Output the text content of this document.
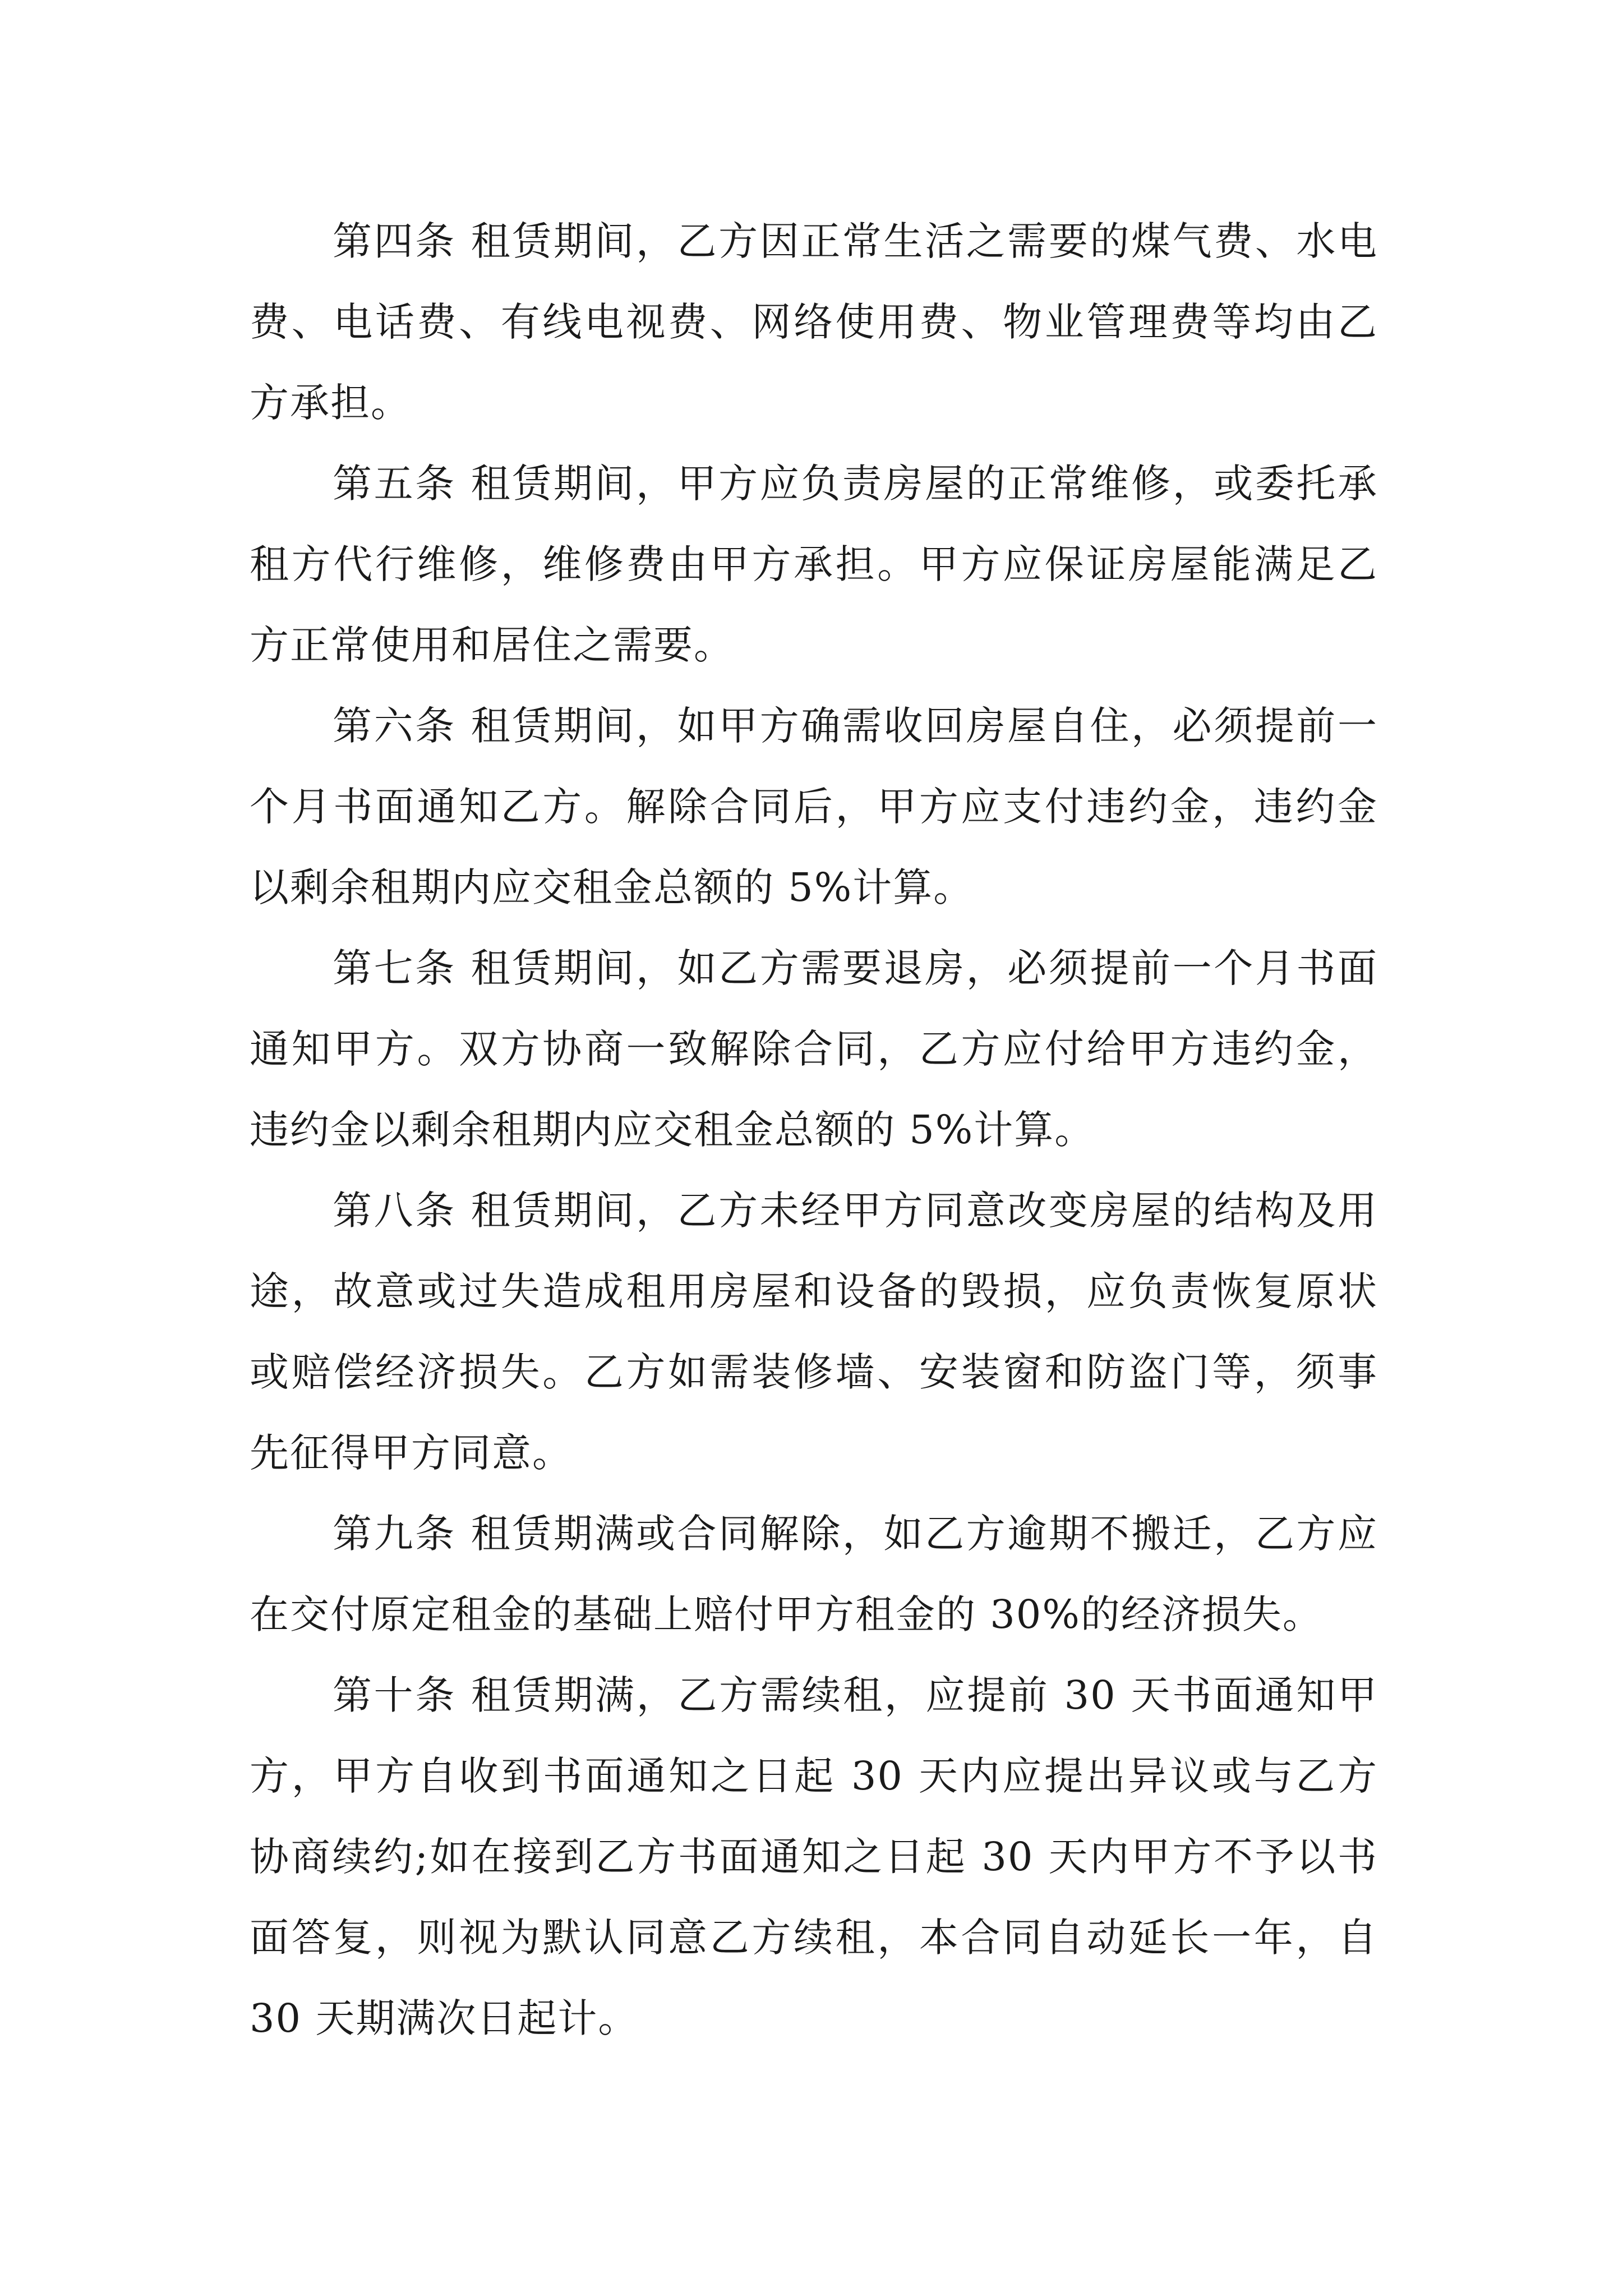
第四条 租赁期间，乙方因正常生活之需要的煤气费、水电费、电话费、有线电视费、网络使用费、物业管理费等均由乙方承担。

第五条 租赁期间，甲方应负责房屋的正常维修，或委托承租方代行维修，维修费由甲方承担。甲方应保证房屋能满足乙方正常使用和居住之需要。

第六条 租赁期间，如甲方确需收回房屋自住，必须提前一个月书面通知乙方。解除合同后，甲方应支付违约金，违约金以剩余租期内应交租金总额的 5%计算。

第七条 租赁期间，如乙方需要退房，必须提前一个月书面通知甲方。双方协商一致解除合同，乙方应付给甲方违约金，违约金以剩余租期内应交租金总额的 5%计算。

第八条 租赁期间，乙方未经甲方同意改变房屋的结构及用途，故意或过失造成租用房屋和设备的毁损，应负责恢复原状或赔偿经济损失。乙方如需装修墙、安装窗和防盗门等，须事先征得甲方同意。

第九条 租赁期满或合同解除，如乙方逾期不搬迁，乙方应在交付原定租金的基础上赔付甲方租金的 30%的经济损失。

第十条 租赁期满，乙方需续租，应提前 30 天书面通知甲方，甲方自收到书面通知之日起 30 天内应提出异议或与乙方协商续约;如在接到乙方书面通知之日起 30 天内甲方不予以书面答复，则视为默认同意乙方续租，本合同自动延长一年，自 30 天期满次日起计。
